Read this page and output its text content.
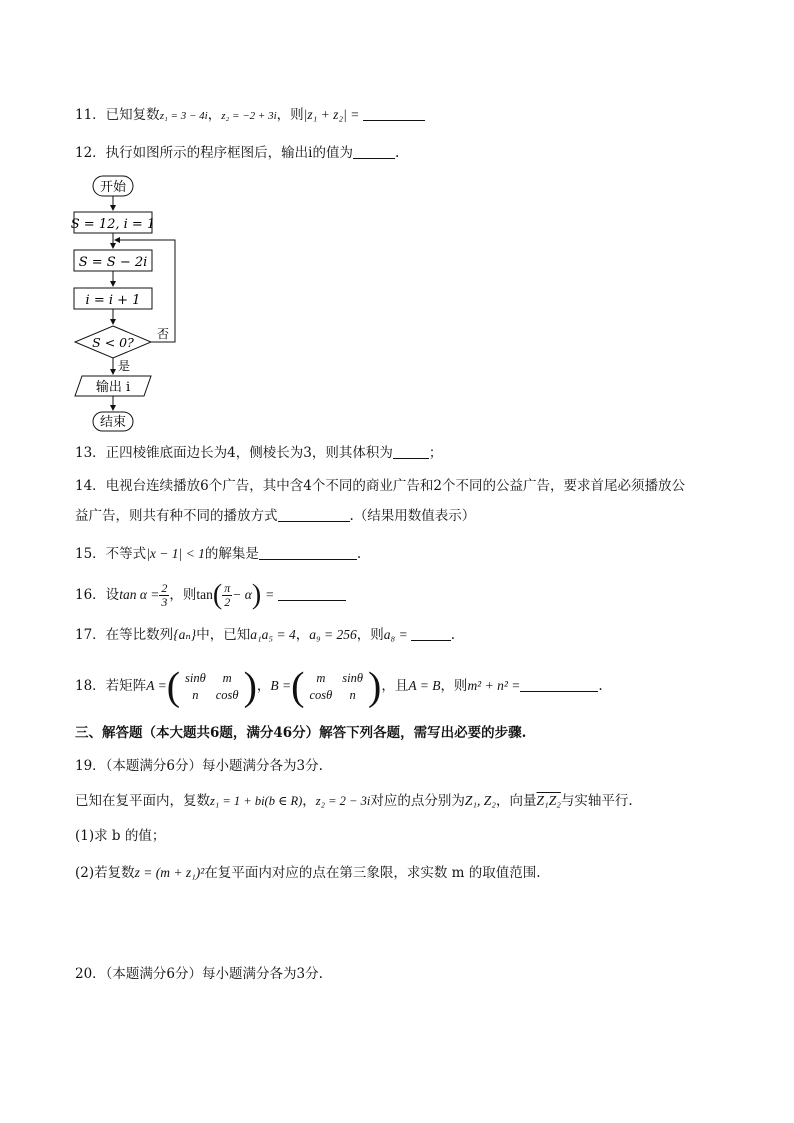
11．已知复数z₁ = 3 − 4i，z₂ = −2 + 3i，则|z₁ + z₂| =
12．执行如图所示的程序框图后，输出i的值为	.
开始
S = 12, i = 1
S = S − 2i
i = i + 1
S < 0?
否
是
输出 i
结束
13．正四棱锥底面边长为4，侧棱长为3，则其体积为	；
14．电视台连续播放6个广告，其中含4个不同的商业广告和2个不同的公益广告，要求首尾必须播放公
益广告，则共有种不同的播放方式	.（结果用数值表示）
15．不等式|x − 1| < 1的解集是	.
16．设$\tan \alpha = \frac{2}{3}$ ，则$\tan( \frac{\pi}{2} - \alpha)$ =
17．在等比数列{aₙ}中，已知a₁a₅ = 4，a₉ = 256，则a₈ =	.
18．若矩阵A =( sinθ	m
n	cosθ )，B =( m	sinθ
cosθ	n )，且A = B，则m² + n² =	.
三、解答题（本大题共6题，满分46分）解答下列各题，需写出必要的步骤.
19．（本题满分6分）每小题满分各为3分.
已知在复平面内，复数z₁ = 1 + bi(b ∈ R)，z₂ = 2 − 3i对应的点分别为Z₁, Z₂，向量Z₁Z₂与实轴平行.
(1)求 b 的值；
(2)若复数z = (m + z₁)²在复平面内对应的点在第三象限，求实数 m 的取值范围.
20．（本题满分6分）每小题满分各为3分.
